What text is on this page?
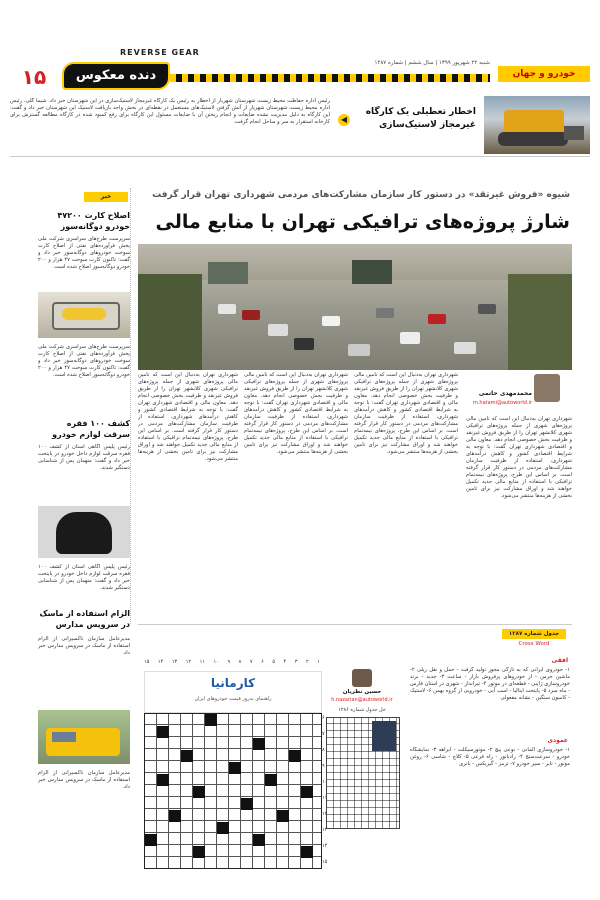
REVERSE GEAR
۱۵	دنده معکوس
شنبه ۲۲ شهریور ۱۳۹۹ | سال ششم | شماره ۱۲۸۷
خودرو و جهان
اخطار تعطیلی یک کارگاه غیرمجاز لاستیک‌سازی
◀
رئیس اداره حفاظت محیط زیست شهرستان شهریار از اخطار به رئیس یک کارگاه غیرمجاز لاستیک‌سازی در این شهرستان خبر داد. شیما گلی، رئیس اداره محیط زیست شهرستان شهریار از آتش گرفتن لاستیک‌های مستعمل در نقطه‌ای در بخش واحد بازیافت لاستیک این شهرستان خبر داد و گفت: این کارگاه به دلیل مدیریت نشده ضایعات و انجام ریختن آن با ضایعات مسئول این کارگاه برای رفع کمبود شده در کارگاه مطالعه گسترش برای کارخانه استقرار به سر و ساحل انجام گرفت.
خبر
اصلاح کارت ۴۷۲۰۰ خودرو دوگانه‌سوز
سرپرست طرح‌های سراسری شرکت ملی پخش فرآورده‌های نفتی از اصلاح کارت سوخت خودروهای دوگانه‌سوز خبر داد و گفت: تاکنون کارت سوخت ۴۷ هزار و ۲۰۰ خودرو دوگانه‌سوز اصلاح شده است.
سرپرست طرح‌های سراسری شرکت ملی پخش فرآورده‌های نفتی از اصلاح کارت سوخت خودروهای دوگانه‌سوز خبر داد و گفت: تاکنون کارت سوخت ۴۷ هزار و ۲۰۰ خودرو دوگانه‌سوز اصلاح شده است.
کشف ۱۰۰ فقره سرقت لوازم خودرو
رئیس پلیس آگاهی استان از کشف ۱۰۰ فقره سرقت لوازم داخل خودرو در پایتخت خبر داد و گفت: متهمان پس از شناسایی دستگیر شدند.
رئیس پلیس آگاهی استان از کشف ۱۰۰ فقره سرقت لوازم داخل خودرو در پایتخت خبر داد و گفت: متهمان پس از شناسایی دستگیر شدند.
الزام استفاده از ماسک در سرویس مدارس
مدیرعامل سازمان تاکسیرانی از الزام استفاده از ماسک در سرویس مدارس خبر داد.
مدیرعامل سازمان تاکسیرانی از الزام استفاده از ماسک در سرویس مدارس خبر داد.
شیوه «فروش غیرتقد» در دستور کار سازمان مشارکت‌های مردمی شهرداری تهران قرار گرفت
شارژ پروژه‌های ترافیکی تهران با منابع مالی
محمدمهدی حاتمی
m.hatami@autoworld.ir
شهرداری تهران به‌دنبال این است که تامین مالی پروژه‌های شهری از جمله پروژه‌های ترافیکی شهری کلانشهر تهران را از طریق فروش غیرنقد و ظرفیت بخش خصوصی انجام دهد. معاون مالی و اقتصادی شهرداری تهران گفت: با توجه به شرایط اقتصادی کشور و کاهش درآمدهای شهرداری، استفاده از ظرفیت سازمان مشارکت‌های مردمی در دستور کار قرار گرفته است. بر اساس این طرح، پروژه‌های نیمه‌تمام ترافیکی با استفاده از منابع مالی جدید تکمیل خواهند شد و اوراق مشارکت نیز برای تامین بخشی از هزینه‌ها منتشر می‌شود.
شهرداری تهران به‌دنبال این است که تامین مالی پروژه‌های شهری از جمله پروژه‌های ترافیکی شهری کلانشهر تهران را از طریق فروش غیرنقد و ظرفیت بخش خصوصی انجام دهد. معاون مالی و اقتصادی شهرداری تهران گفت: با توجه به شرایط اقتصادی کشور و کاهش درآمدهای شهرداری، استفاده از ظرفیت سازمان مشارکت‌های مردمی در دستور کار قرار گرفته است. بر اساس این طرح، پروژه‌های نیمه‌تمام ترافیکی با استفاده از منابع مالی جدید تکمیل خواهند شد و اوراق مشارکت نیز برای تامین بخشی از هزینه‌ها منتشر می‌شود.
شهرداری تهران به‌دنبال این است که تامین مالی پروژه‌های شهری از جمله پروژه‌های ترافیکی شهری کلانشهر تهران را از طریق فروش غیرنقد و ظرفیت بخش خصوصی انجام دهد. معاون مالی و اقتصادی شهرداری تهران گفت: با توجه به شرایط اقتصادی کشور و کاهش درآمدهای شهرداری، استفاده از ظرفیت سازمان مشارکت‌های مردمی در دستور کار قرار گرفته است. بر اساس این طرح، پروژه‌های نیمه‌تمام ترافیکی با استفاده از منابع مالی جدید تکمیل خواهند شد و اوراق مشارکت نیز برای تامین بخشی از هزینه‌ها منتشر می‌شود.
شهرداری تهران به‌دنبال این است که تامین مالی پروژه‌های شهری از جمله پروژه‌های ترافیکی شهری کلانشهر تهران را از طریق فروش غیرنقد و ظرفیت بخش خصوصی انجام دهد. معاون مالی و اقتصادی شهرداری تهران گفت: با توجه به شرایط اقتصادی کشور و کاهش درآمدهای شهرداری، استفاده از ظرفیت سازمان مشارکت‌های مردمی در دستور کار قرار گرفته است. بر اساس این طرح، پروژه‌های نیمه‌تمام ترافیکی با استفاده از منابع مالی جدید تکمیل خواهند شد و اوراق مشارکت نیز برای تامین بخشی از هزینه‌ها منتشر می‌شود.
جدول شماره ۱۲۸۷
Cross Word
افقی
۱- خودروی ایرانی که به تازگی مجوز تولید گرفت - حمل و نقل ریلی ۲- ماشین خرمن - از خودروهای پرفروش بازار - ساعت ۳- جدید - برند خودروسازی ژاپنی - قطعه‌ای در موتور ۴- تیرانداز - شهری در استان فارس - ماه سرد ۵- پایتخت ایتالیا - اسب آبی - خودرویی از گروه بهمن ۶- لاستیک - کامیون سنگین - نشانه مفعولی
عمودی
۱- خودروسازی آلمانی - نوعی پیچ ۲- موتورسیکلت - آبراهه ۳- نمایشگاه خودرو - سرعت‌سنج ۴- رادیاتور - راه فرعی ۵- کلاچ - شاسی ۶- روغن موتور - تایر - سپر خودرو ۷- ترمز - گیربکس - باتری
حسین نظریان
h.nazarian@autoworld.ir
حل جدول شماره ۱۲۸۶
کارمانیا
راهنمای به‌روز قیمت خودروهای ایران
۱۵ ۱۴ ۱۳ ۱۲ ۱۱ ۱۰ ۹ ۸ ۷ ۶ ۵ ۴ ۳ ۲ ۱
۶
۷
۸
۹
۱۰
۱۱
۱۲
۱۳
۱۴
۱۵
